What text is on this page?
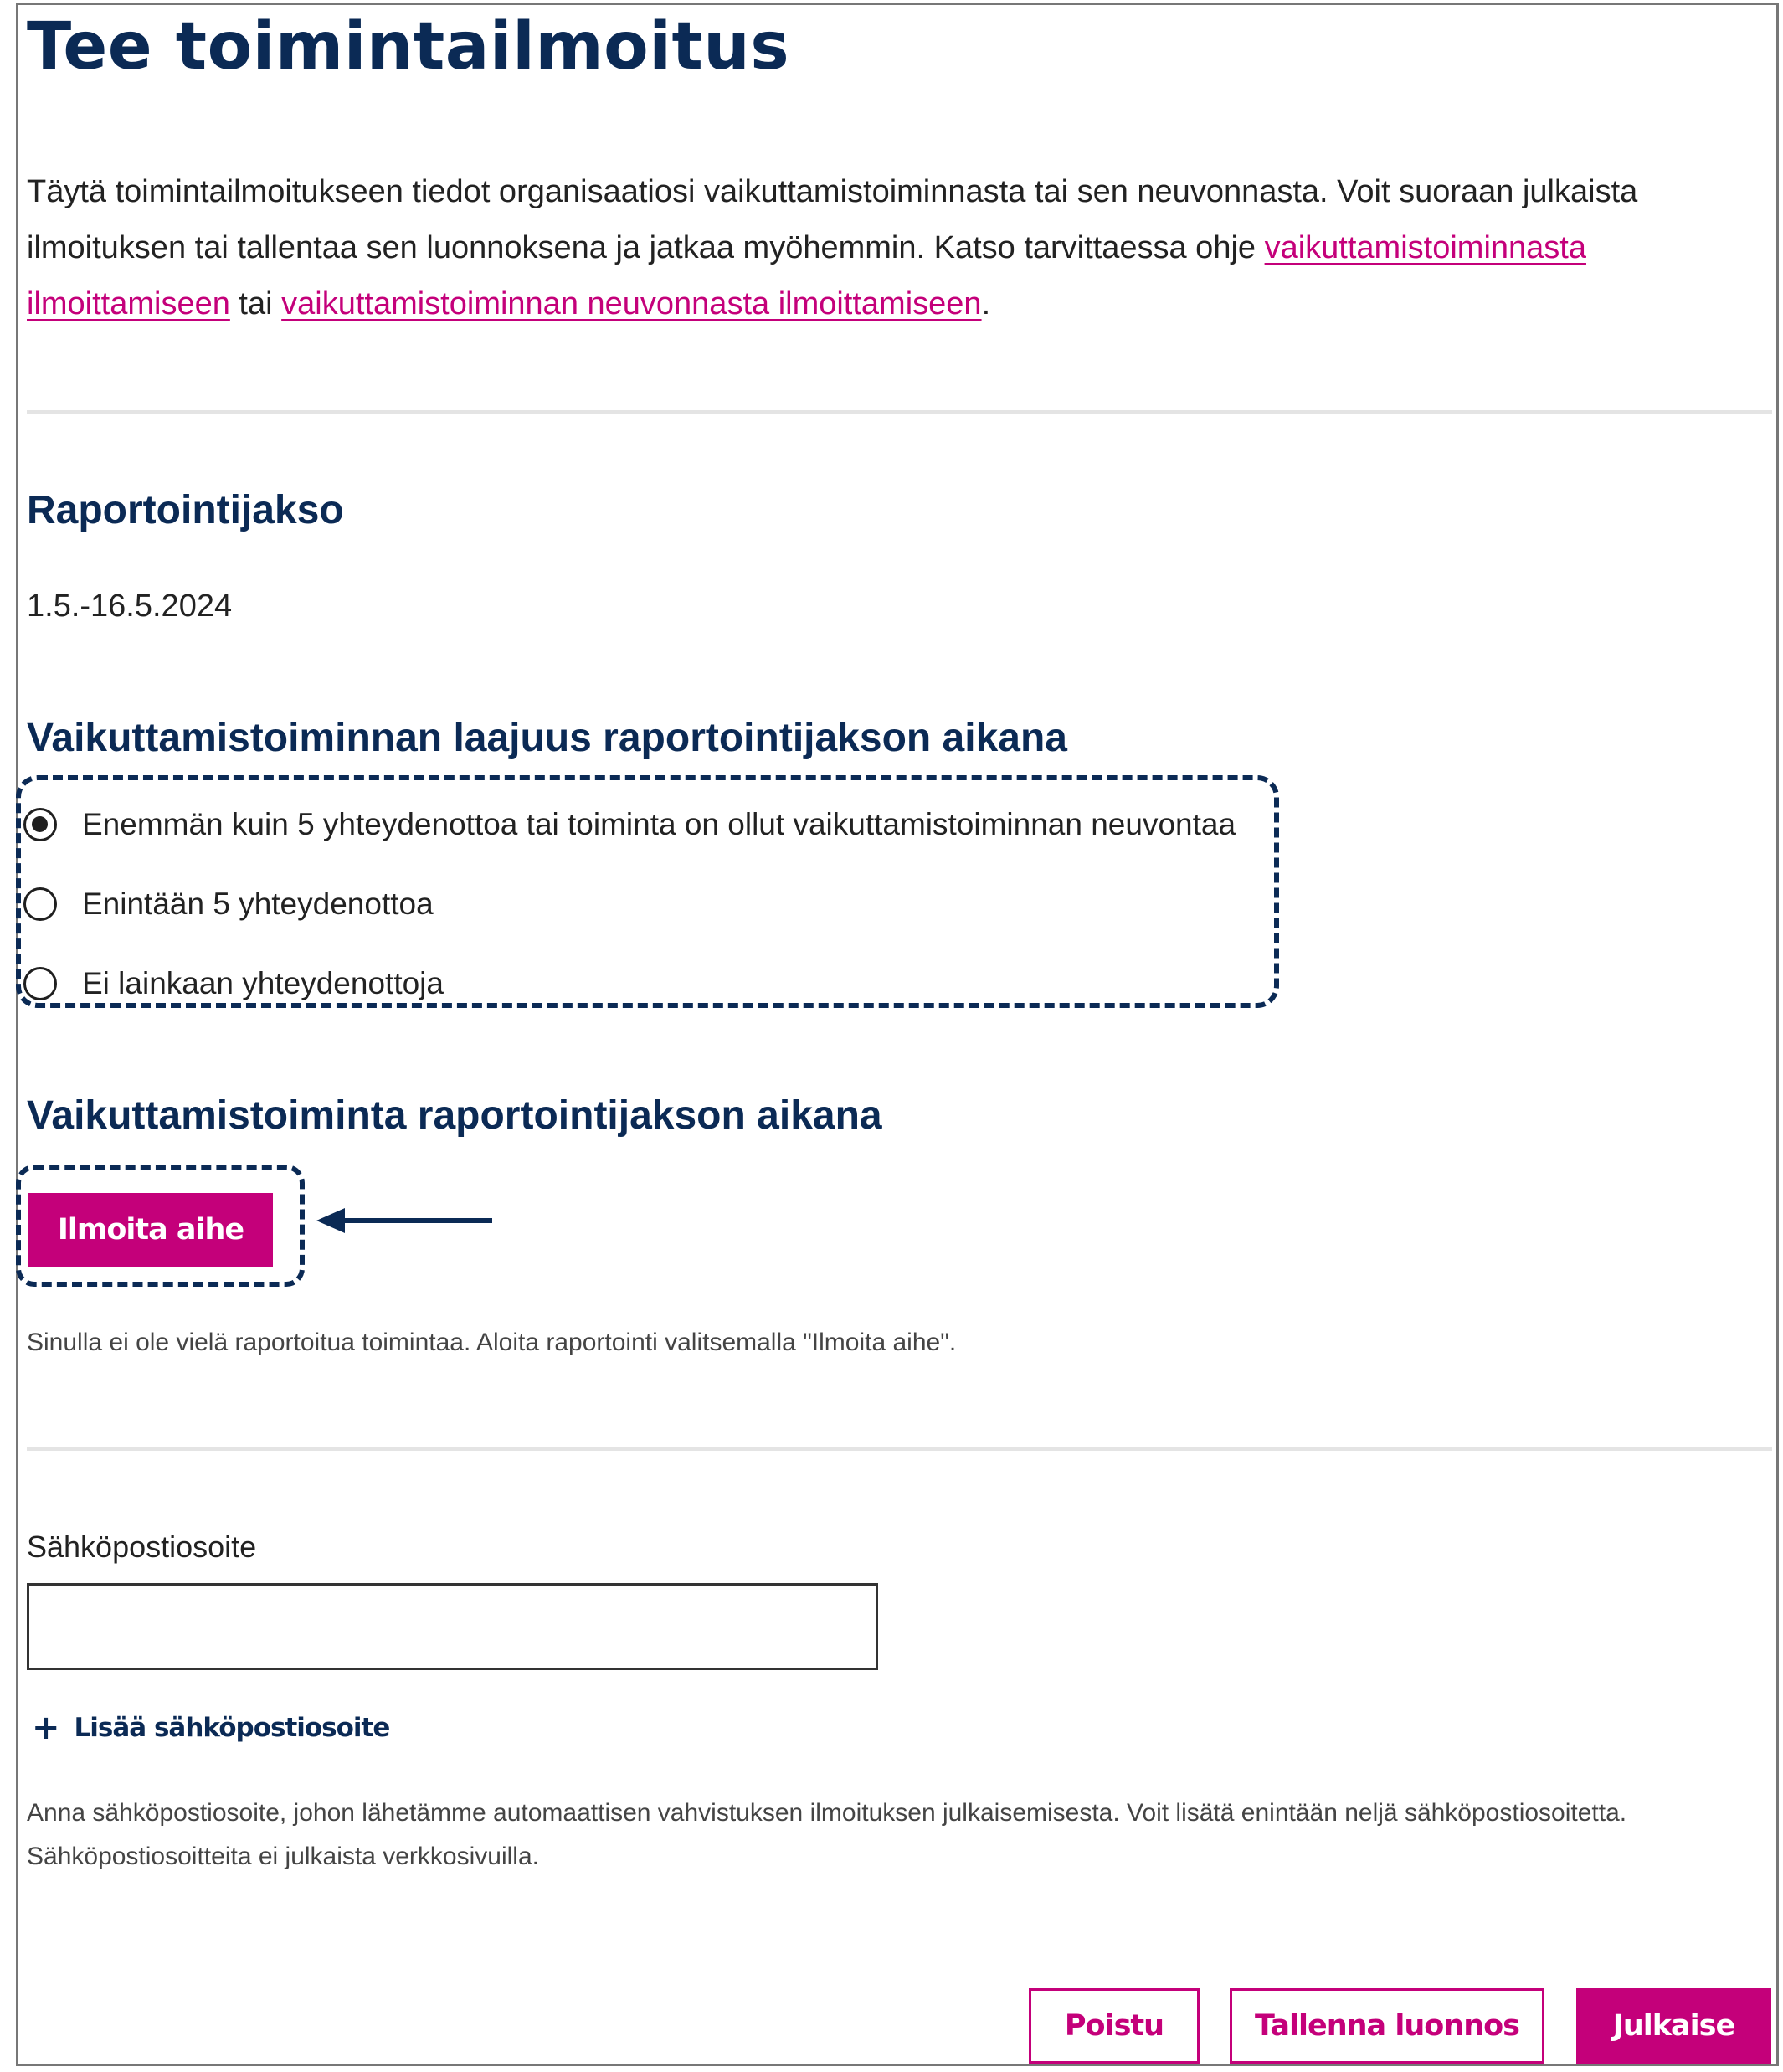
Tee toimintailmoitus

Täytä toimintailmoitukseen tiedot organisaatiosi vaikuttamistoiminnasta tai sen neuvonnasta. Voit suoraan julkaista ilmoituksen tai tallentaa sen luonnoksena ja jatkaa myöhemmin. Katso tarvittaessa ohje vaikuttamistoiminnasta ilmoittamiseen tai vaikuttamistoiminnan neuvonnasta ilmoittamiseen.

Raportointijakso
1.5.-16.5.2024
Vaikuttamistoiminnan laajuus raportointijakson aikana
Enemmän kuin 5 yhteydenottoa tai toiminta on ollut vaikuttamistoiminnan neuvontaa
Enintään 5 yhteydenottoa
Ei lainkaan yhteydenottoja
Vaikuttamistoiminta raportointijakson aikana
Ilmoita aihe

Sinulla ei ole vielä raportoitua toimintaa. Aloita raportointi valitsemalla "Ilmoita aihe".

Sähköpostiosoite
+ Lisää sähköpostiosoite

Anna sähköpostiosoite, johon lähetämme automaattisen vahvistuksen ilmoituksen julkaisemisesta. Voit lisätä enintään neljä sähköpostiosoitetta. Sähköpostiosoitteita ei julkaista verkkosivuilla.

Poistu	Tallenna luonnos	Julkaise
